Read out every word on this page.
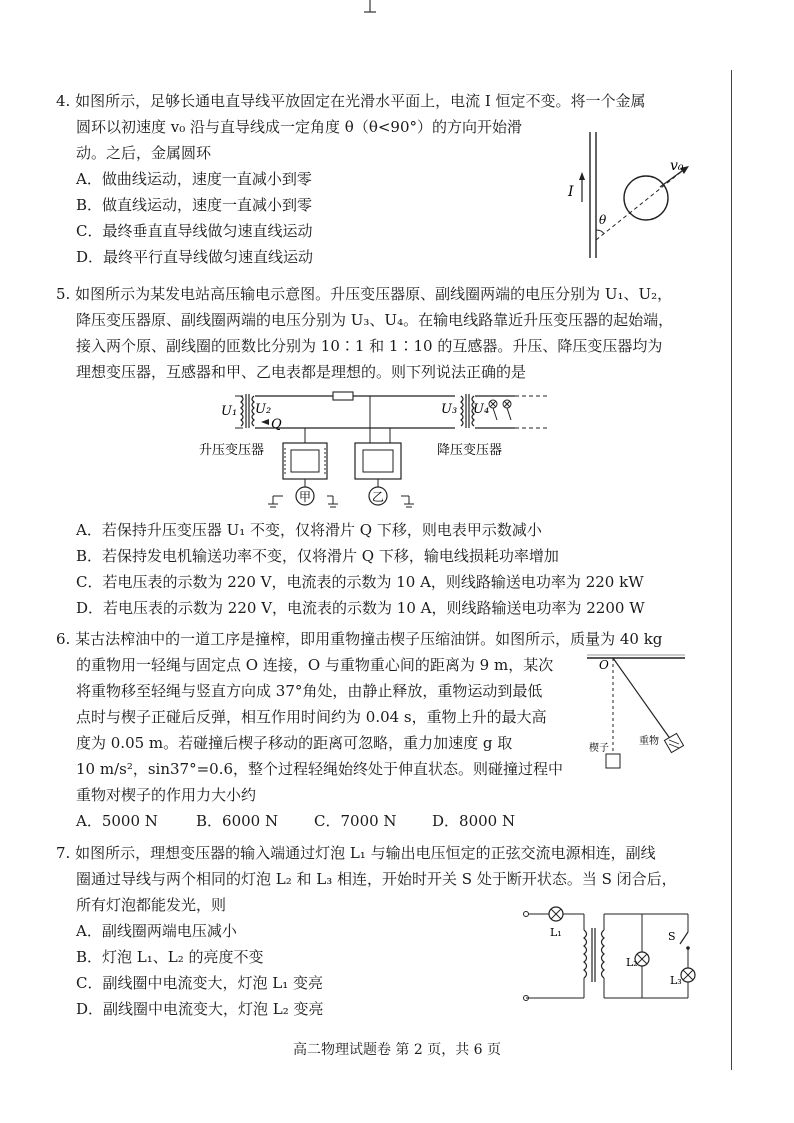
4. 如图所示，足够长通电直导线平放固定在光滑水平面上，电流 I 恒定不变。将一个金属
圆环以初速度 v₀ 沿与直导线成一定角度 θ（θ<90°）的方向开始滑
动。之后，金属圆环
A．做曲线运动，速度一直减小到零
B．做直线运动，速度一直减小到零
C．最终垂直直导线做匀速直线运动
D．最终平行直导线做匀速直线运动
I
v₀
θ
5. 如图所示为某发电站高压输电示意图。升压变压器原、副线圈两端的电压分别为 U₁、U₂，
降压变压器原、副线圈两端的电压分别为 U₃、U₄。在输电线路靠近升压变压器的起始端，
接入两个原、副线圈的匝数比分别为 10∶1 和 1∶10 的互感器。升压、降压变压器均为
理想变压器，互感器和甲、乙电表都是理想的。则下列说法正确的是
U₁ U₂
Q
U₃ U₄
升压变压器	降压变压器
甲	乙
A．若保持升压变压器 U₁ 不变，仅将滑片 Q 下移，则电表甲示数减小
B．若保持发电机输送功率不变，仅将滑片 Q 下移，输电线损耗功率增加
C．若电压表的示数为 220 V，电流表的示数为 10 A，则线路输送电功率为 220 kW
D．若电压表的示数为 220 V，电流表的示数为 10 A，则线路输送电功率为 2200 W
6. 某古法榨油中的一道工序是撞榨，即用重物撞击楔子压缩油饼。如图所示，质量为 40 kg
的重物用一轻绳与固定点 O 连接，O 与重物重心间的距离为 9 m，某次
将重物移至轻绳与竖直方向成 37°角处，由静止释放，重物运动到最低
点时与楔子正碰后反弹，相互作用时间约为 0.04 s，重物上升的最大高
度为 0.05 m。若碰撞后楔子移动的距离可忽略，重力加速度 g 取
10 m/s²，sin37°=0.6，整个过程轻绳始终处于伸直状态。则碰撞过程中
重物对楔子的作用力大小约
A．5000 N	B．6000 N C．7000 N D．8000 N
O
楔子
重物
7. 如图所示，理想变压器的输入端通过灯泡 L₁ 与输出电压恒定的正弦交流电源相连，副线
圈通过导线与两个相同的灯泡 L₂ 和 L₃ 相连，开始时开关 S 处于断开状态。当 S 闭合后，
所有灯泡都能发光，则
A．副线圈两端电压减小
B．灯泡 L₁、L₂ 的亮度不变
C．副线圈中电流变大，灯泡 L₁ 变亮
D．副线圈中电流变大，灯泡 L₂ 变亮
L₁
L₂
S
L₃
高二物理试题卷 第 2 页，共 6 页
